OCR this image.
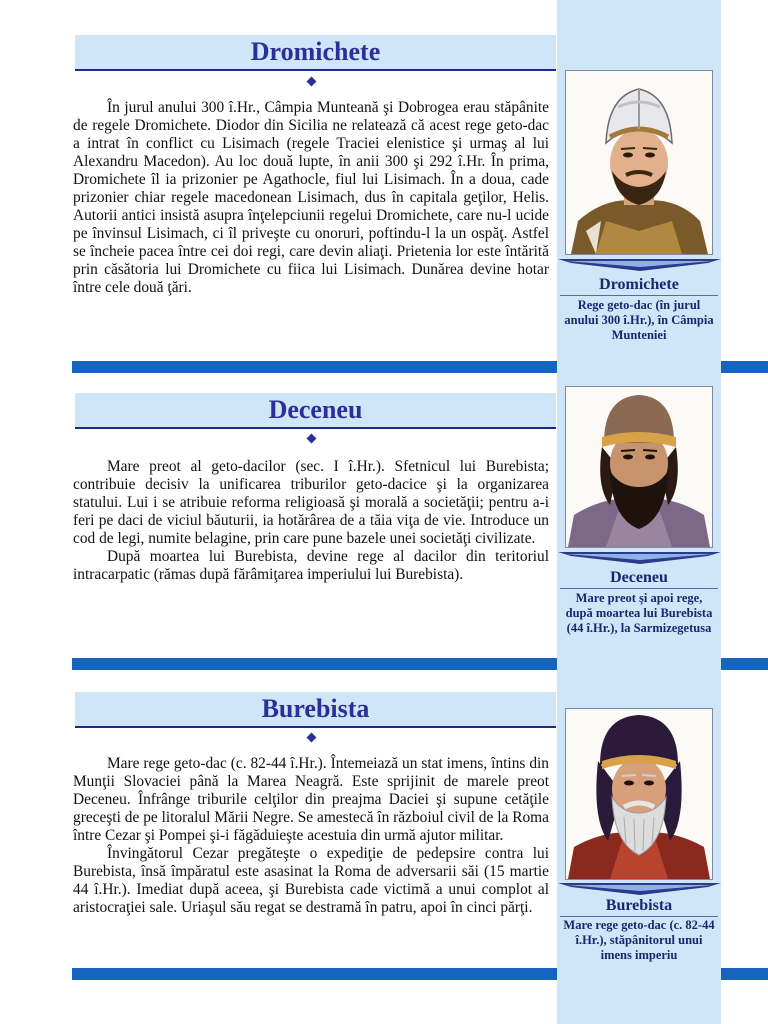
Dromichete

În jurul anului 300 î.Hr., Câmpia Munteană şi Dobrogea erau stăpânite de regele Dromichete. Diodor din Sicilia ne relatează că acest rege geto-dac a intrat în conflict cu Lisimach (regele Traciei elenistice şi urmaş al lui Alexandru Macedon). Au loc două lupte, în anii 300 şi 292 î.Hr. În prima, Dromichete îl ia prizonier pe Agathocle, fiul lui Lisimach. În a doua, cade prizonier chiar regele macedonean Lisimach, dus în capitala geţilor, Helis. Autorii antici insistă asupra înţelepciunii regelui Dromichete, care nu-l ucide pe învinsul Lisimach, ci îl priveşte cu onoruri, poftindu-l la un ospăţ. Astfel se încheie pacea între cei doi regi, care devin aliaţi. Prietenia lor este întărită prin căsătoria lui Dromichete cu fiica lui Lisimach. Dunărea devine hotar între cele două ţări.	Dromichete
Rege geto-dac (în jurul anului 300 î.Hr.), în Câmpia Munteniei
Deceneu

Mare preot al geto-dacilor (sec. I î.Hr.). Sfetnicul lui Burebista; contribuie decisiv la unificarea triburilor geto-dacice şi la organizarea statului. Lui i se atribuie reforma religioasă şi morală a societăţii; pentru a-i feri pe daci de viciul băuturii, ia hotărârea de a tăia viţa de vie. Introduce un cod de legi, numite belagine, prin care pune bazele unei societăţi civilizate.

După moartea lui Burebista, devine rege al dacilor din teritoriul intracarpatic (rămas după fărâmiţarea imperiului lui Burebista).	Deceneu
Mare preot şi apoi rege, după moartea lui Burebista (44 î.Hr.), la Sarmizegetusa
Burebista

Mare rege geto-dac (c. 82-44 î.Hr.). Întemeiază un stat imens, întins din Munţii Slovaciei până la Marea Neagră. Este sprijinit de marele preot Deceneu. Înfrânge triburile celţilor din preajma Daciei şi supune cetăţile greceşti de pe litoralul Mării Negre. Se amestecă în războiul civil de la Roma între Cezar şi Pompei şi-i făgăduieşte acestuia din urmă ajutor militar.

Învingătorul Cezar pregăteşte o expediţie de pedepsire contra lui Burebista, însă împăratul este asasinat la Roma de adversarii săi (15 martie 44 î.Hr.). Imediat după aceea, şi Burebista cade victimă a unui complot al aristocraţiei sale. Uriaşul său regat se destramă în patru, apoi în cinci părţi.	Burebista
Mare rege geto-dac (c. 82-44 î.Hr.), stăpânitorul unui imens imperiu
